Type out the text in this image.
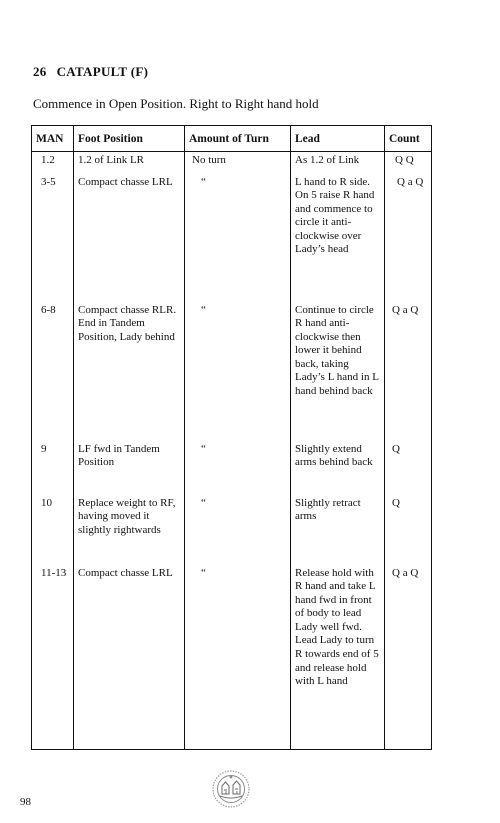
26 CATAPULT (F)
Commence in Open Position. Right to Right hand hold
MAN	Foot Position	Amount of Turn	Lead	Count
1.2	1.2 of Link LR	No turn	As 1.2 of Link	Q Q
3-5	Compact chasse LRL	“	L hand to R side. On 5 raise R hand and commence to circle it anti-clockwise over Lady’s head	Q a Q
6-8	Compact chasse RLR. End in Tandem Position, Lady behind	“	Continue to circle R hand anti-clockwise then lower it behind back, taking Lady’s L hand in L hand behind back	Q a Q
9	LF fwd in Tandem Position	“	Slightly extend arms behind back	Q
10	Replace weight to RF, having moved it slightly rightwards	“	Slightly retract arms	Q
11-13	Compact chasse LRL	“	Release hold with R hand and take L hand fwd in front of body to lead Lady well fwd. Lead Lady to turn R towards end of 5 and release hold with L hand	Q a Q
98
